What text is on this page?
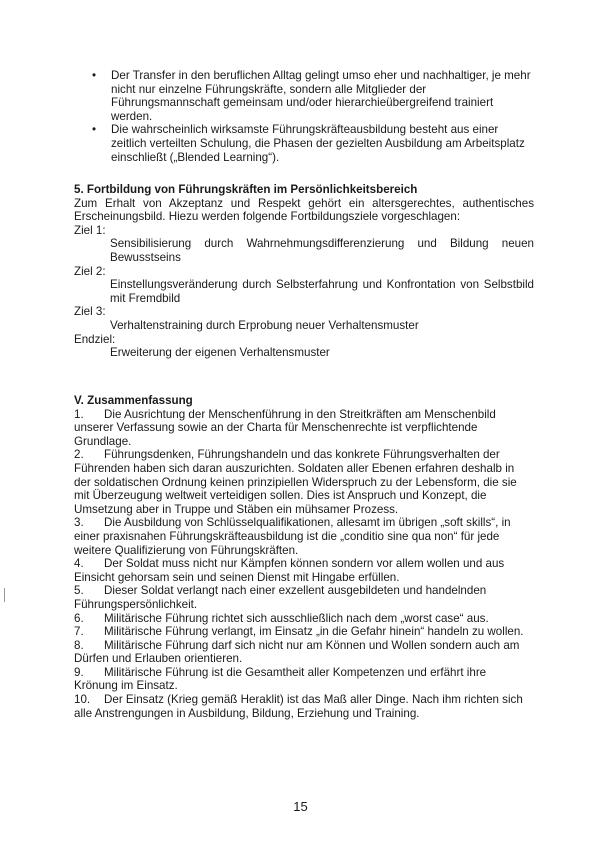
• Der Transfer in den beruflichen Alltag gelingt umso eher und nachhaltiger, je mehr nicht nur einzelne Führungskräfte, sondern alle Mitglieder der Führungsmannschaft gemeinsam und/oder hierarchieübergreifend trainiert werden.
• Die wahrscheinlich wirksamste Führungskräfteausbildung besteht aus einer zeitlich verteilten Schulung, die Phasen der gezielten Ausbildung am Arbeitsplatz einschließt („Blended Learning“).
5. Fortbildung von Führungskräften im Persönlichkeitsbereich
Zum Erhalt von Akzeptanz und Respekt gehört ein altersgerechtes, authentisches Erscheinungsbild. Hiezu werden folgende Fortbildungsziele vorgeschlagen:
Ziel 1:
Sensibilisierung durch Wahrnehmungsdifferenzierung und Bildung neuen Bewusstseins
Ziel 2:
Einstellungsveränderung durch Selbsterfahrung und Konfrontation von Selbstbild mit Fremdbild
Ziel 3:
Verhaltenstraining durch Erprobung neuer Verhaltensmuster
Endziel:
Erweiterung der eigenen Verhaltensmuster
V. Zusammenfassung
1. Die Ausrichtung der Menschenführung in den Streitkräften am Menschenbild unserer Verfassung sowie an der Charta für Menschenrechte ist verpflichtende Grundlage.
2. Führungsdenken, Führungshandeln und das konkrete Führungsverhalten der Führenden haben sich daran auszurichten. Soldaten aller Ebenen erfahren deshalb in der soldatischen Ordnung keinen prinzipiellen Widerspruch zu der Lebensform, die sie mit Überzeugung weltweit verteidigen sollen. Dies ist Anspruch und Konzept, die Umsetzung aber in Truppe und Stäben ein mühsamer Prozess.
3. Die Ausbildung von Schlüsselqualifikationen, allesamt im übrigen „soft skills“, in einer praxisnahen Führungskräfteausbildung ist die „conditio sine qua non“ für jede weitere Qualifizierung von Führungskräften.
4. Der Soldat muss nicht nur Kämpfen können sondern vor allem wollen und aus Einsicht gehorsam sein und seinen Dienst mit Hingabe erfüllen.
5. Dieser Soldat verlangt nach einer exzellent ausgebildeten und handelnden Führungspersönlichkeit.
6. Militärische Führung richtet sich ausschließlich nach dem „worst case“ aus.
7. Militärische Führung verlangt, im Einsatz „in die Gefahr hinein“ handeln zu wollen.
8. Militärische Führung darf sich nicht nur am Können und Wollen sondern auch am Dürfen und Erlauben orientieren.
9. Militärische Führung ist die Gesamtheit aller Kompetenzen und erfährt ihre Krönung im Einsatz.
10. Der Einsatz (Krieg gemäß Heraklit) ist das Maß aller Dinge. Nach ihm richten sich alle Anstrengungen in Ausbildung, Bildung, Erziehung und Training.
15
